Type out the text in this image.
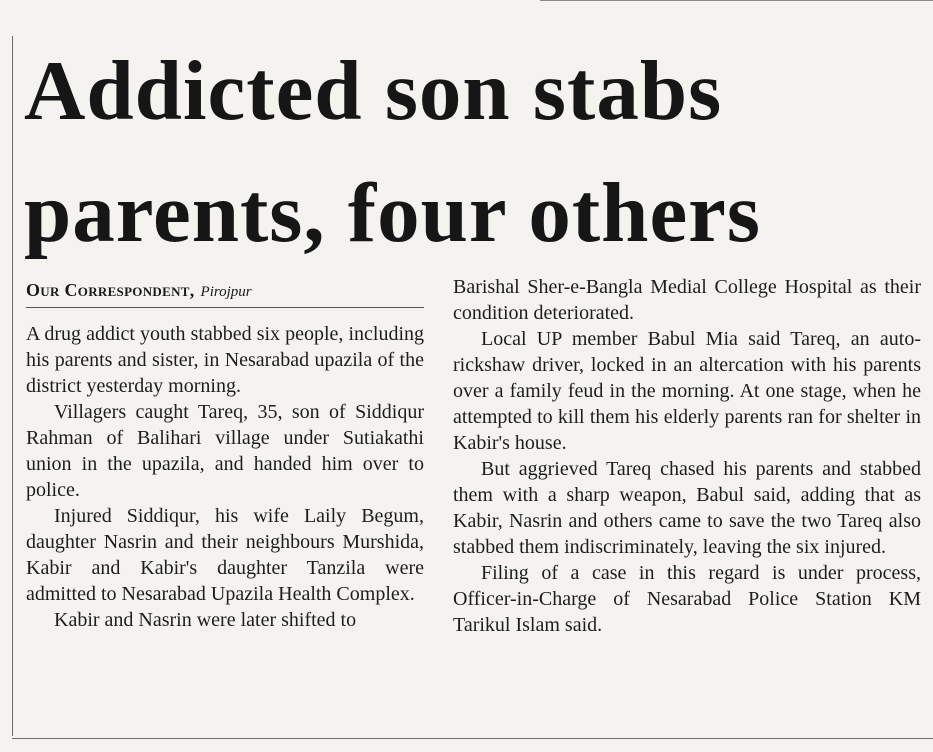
Addicted son stabs
parents, four others
Our Correspondent, Pirojpur

A drug addict youth stabbed six people, including his parents and sister, in Nesarabad upazila of the district yesterday morning.

Villagers caught Tareq, 35, son of Siddiqur Rahman of Balihari village under Sutiakathi union in the upazila, and handed him over to police.

Injured Siddiqur, his wife Laily Begum, daughter Nasrin and their neighbours Murshida, Kabir and Kabir's daughter Tanzila were admitted to Nesarabad Upazila Health Complex.

Kabir and Nasrin were later shifted to

Barishal Sher-e-Bangla Medial College Hospital as their condition deteriorated.

Local UP member Babul Mia said Tareq, an auto-rickshaw driver, locked in an altercation with his parents over a family feud in the morning. At one stage, when he attempted to kill them his elderly parents ran for shelter in Kabir's house.

But aggrieved Tareq chased his parents and stabbed them with a sharp weapon, Babul said, adding that as Kabir, Nasrin and others came to save the two Tareq also stabbed them indiscriminately, leaving the six injured.

Filing of a case in this regard is under process, Officer-in-Charge of Nesarabad Police Station KM Tarikul Islam said.
